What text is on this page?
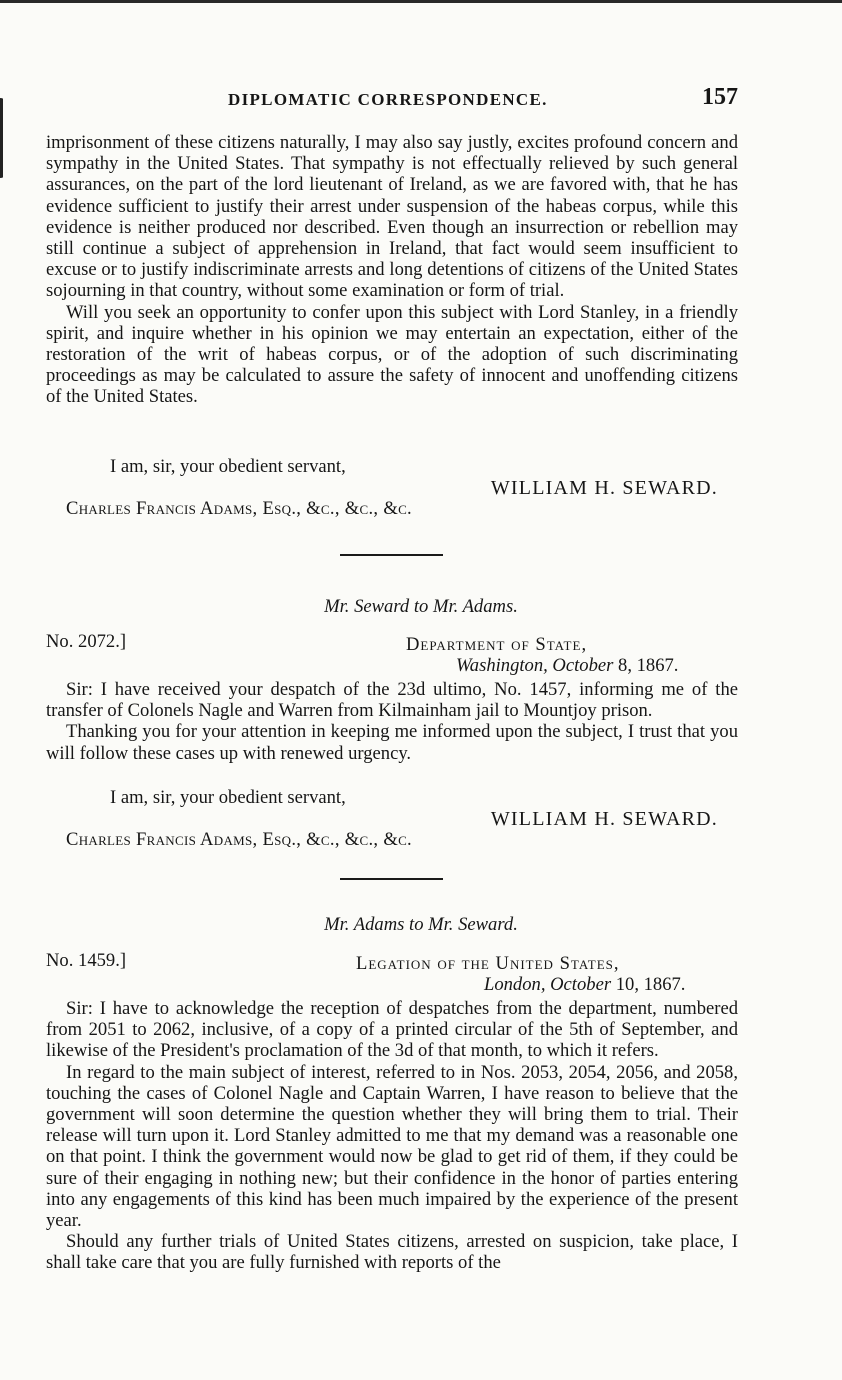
DIPLOMATIC CORRESPONDENCE.	157

imprisonment of these citizens naturally, I may also say justly, excites profound concern and sympathy in the United States. That sympathy is not effectually relieved by such general assurances, on the part of the lord lieutenant of Ireland, as we are favored with, that he has evidence sufficient to justify their arrest under suspension of the habeas corpus, while this evidence is neither produced nor described. Even though an insurrection or rebellion may still continue a subject of apprehension in Ireland, that fact would seem insufficient to excuse or to justify indiscriminate arrests and long detentions of citizens of the United States sojourning in that country, without some examination or form of trial.

Will you seek an opportunity to confer upon this subject with Lord Stanley, in a friendly spirit, and inquire whether in his opinion we may entertain an expectation, either of the restoration of the writ of habeas corpus, or of the adoption of such discriminating proceedings as may be calculated to assure the safety of innocent and unoffending citizens of the United States.

I am, sir, your obedient servant,
WILLIAM H. SEWARD.
Charles Francis Adams, Esq., &c., &c., &c.
Mr. Seward to Mr. Adams.
No. 2072.]	Department of State,
Washington, October 8, 1867.

Sir: I have received your despatch of the 23d ultimo, No. 1457, informing me of the transfer of Colonels Nagle and Warren from Kilmainham jail to Mountjoy prison.

Thanking you for your attention in keeping me informed upon the subject, I trust that you will follow these cases up with renewed urgency.

I am, sir, your obedient servant,
WILLIAM H. SEWARD.
Charles Francis Adams, Esq., &c., &c., &c.
Mr. Adams to Mr. Seward.
No. 1459.]	Legation of the United States,
London, October 10, 1867.

Sir: I have to acknowledge the reception of despatches from the department, numbered from 2051 to 2062, inclusive, of a copy of a printed circular of the 5th of September, and likewise of the President's proclamation of the 3d of that month, to which it refers.

In regard to the main subject of interest, referred to in Nos. 2053, 2054, 2056, and 2058, touching the cases of Colonel Nagle and Captain Warren, I have reason to believe that the government will soon determine the question whether they will bring them to trial. Their release will turn upon it. Lord Stanley admitted to me that my demand was a reasonable one on that point. I think the government would now be glad to get rid of them, if they could be sure of their engaging in nothing new; but their confidence in the honor of parties entering into any engagements of this kind has been much impaired by the experience of the present year.

Should any further trials of United States citizens, arrested on suspicion, take place, I shall take care that you are fully furnished with reports of the
